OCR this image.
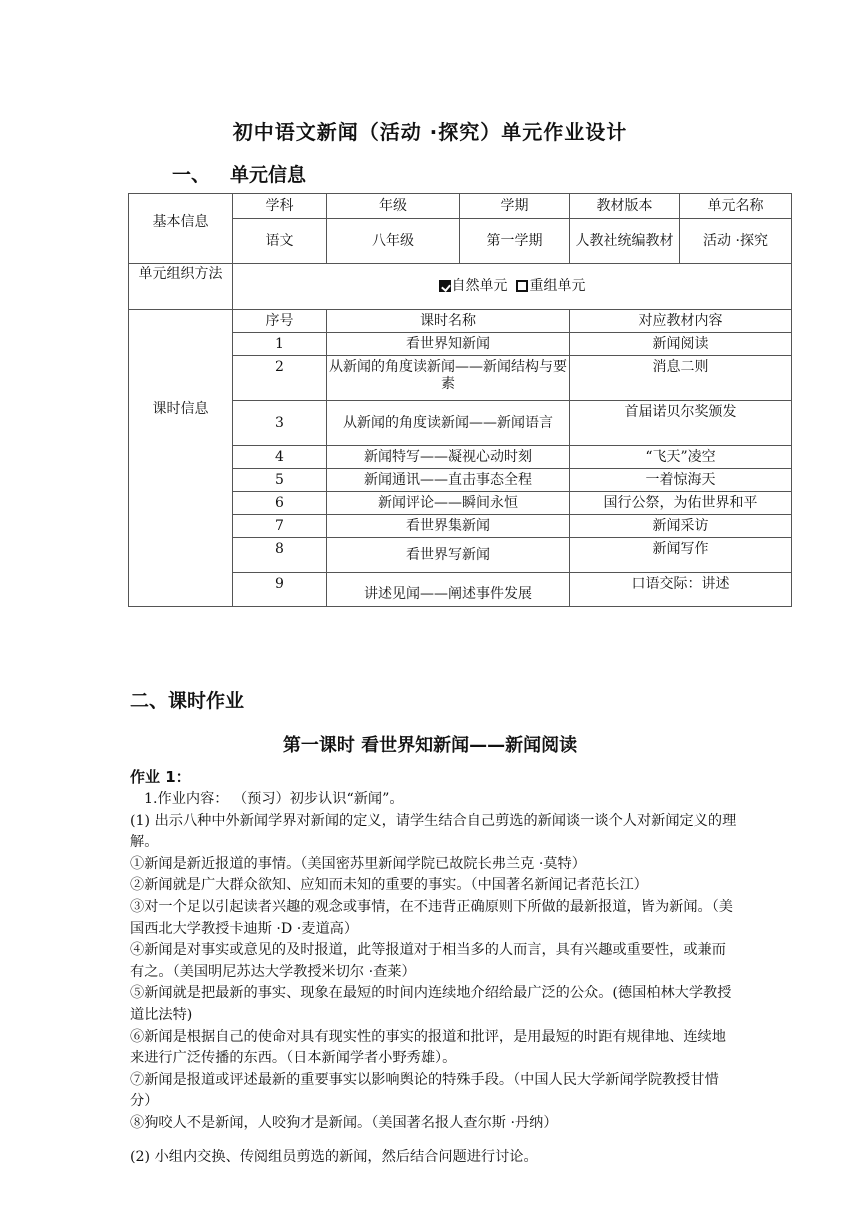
初中语文新闻（活动 ·探究）单元作业设计
一、 单元信息
基本信息	学科	年级	学期	教材版本	单元名称
	语文	八年级	第一学期	人教社统编教材	活动 ·探究
单元组织方法	自然单元 重组单元				
课时信息	序号	课时名称		对应教材内容	
	1	看世界知新闻		新闻阅读	
	2	从新闻的角度读新闻——新闻结构与要素		消息二则	
	3	从新闻的角度读新闻——新闻语言		首届诺贝尔奖颁发	
	4	新闻特写——凝视心动时刻		“飞天”凌空	
	5	新闻通讯——直击事态全程		一着惊海天	
	6	新闻评论——瞬间永恒		国行公祭，为佑世界和平	
	7	看世界集新闻		新闻采访	
	8	看世界写新闻		新闻写作	
	9	讲述见闻——阐述事件发展		口语交际：讲述	
二、课时作业
第一课时 看世界知新闻——新闻阅读
作业 1：

1.作业内容： （预习）初步认识“新闻”。

(1) 出示八种中外新闻学界对新闻的定义，请学生结合自己剪选的新闻谈一谈个人对新闻定义的理解。

①新闻是新近报道的事情。（美国密苏里新闻学院已故院长弗兰克 ·莫特）

②新闻就是广大群众欲知、应知而未知的重要的事实。（中国著名新闻记者范长江）

③对一个足以引起读者兴趣的观念或事情，在不违背正确原则下所做的最新报道，皆为新闻。（美国西北大学教授卡迪斯 ·D ·麦道高）

④新闻是对事实或意见的及时报道，此等报道对于相当多的人而言，具有兴趣或重要性，或兼而有之。（美国明尼苏达大学教授米切尔 ·查莱）

⑤新闻就是把最新的事实、现象在最短的时间内连续地介绍给最广泛的公众。(德国柏林大学教授道比法特)

⑥新闻是根据自己的使命对具有现实性的事实的报道和批评，是用最短的时距有规律地、连续地来进行广泛传播的东西。（日本新闻学者小野秀雄）。

⑦新闻是报道或评述最新的重要事实以影响舆论的特殊手段。（中国人民大学新闻学院教授甘惜分）

⑧狗咬人不是新闻，人咬狗才是新闻。（美国著名报人查尔斯 ·丹纳）

(2) 小组内交换、传阅组员剪选的新闻，然后结合问题进行讨论。
